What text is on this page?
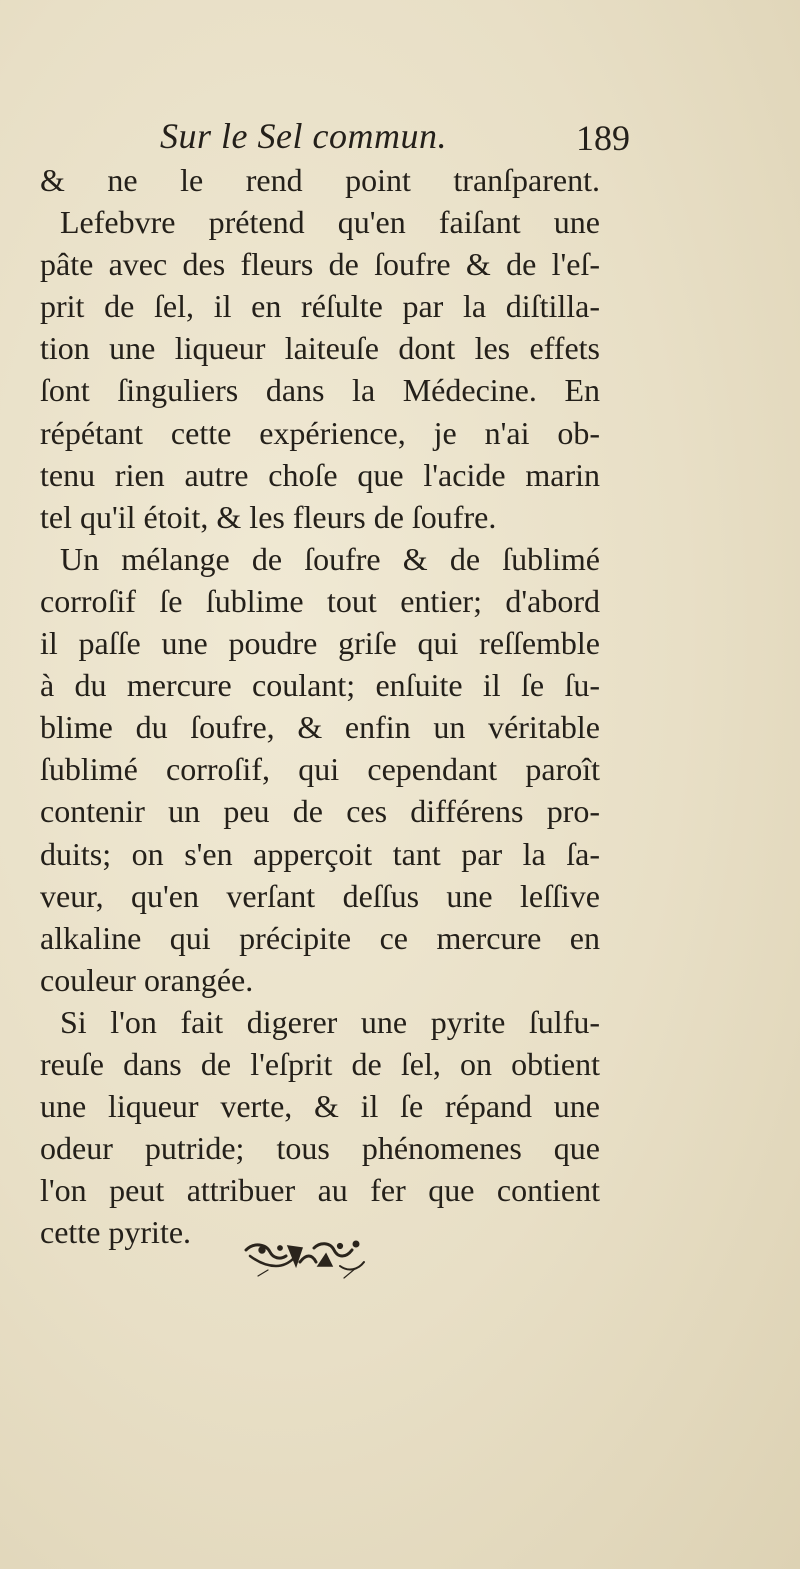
Sur le Sel commun.	189
& ne le rend point tranſparent.
Lefebvre prétend qu'en faiſant une
pâte avec des fleurs de ſoufre & de l'eſ-
prit de ſel, il en réſulte par la diſtilla-
tion une liqueur laiteuſe dont les effets
ſont ſinguliers dans la Médecine. En
répétant cette expérience, je n'ai ob-
tenu rien autre choſe que l'acide marin
tel qu'il étoit, & les fleurs de ſoufre.
Un mélange de ſoufre & de ſublimé
corroſif ſe ſublime tout entier; d'abord
il paſſe une poudre griſe qui reſſemble
à du mercure coulant; enſuite il ſe ſu-
blime du ſoufre, & enfin un véritable
ſublimé corroſif, qui cependant paroît
contenir un peu de ces différens pro-
duits; on s'en apperçoit tant par la ſa-
veur, qu'en verſant deſſus une leſſive
alkaline qui précipite ce mercure en
couleur orangée.
Si l'on fait digerer une pyrite ſulfu-
reuſe dans de l'eſprit de ſel, on obtient
une liqueur verte, & il ſe répand une
odeur putride; tous phénomenes que
l'on peut attribuer au fer que contient
cette pyrite.
